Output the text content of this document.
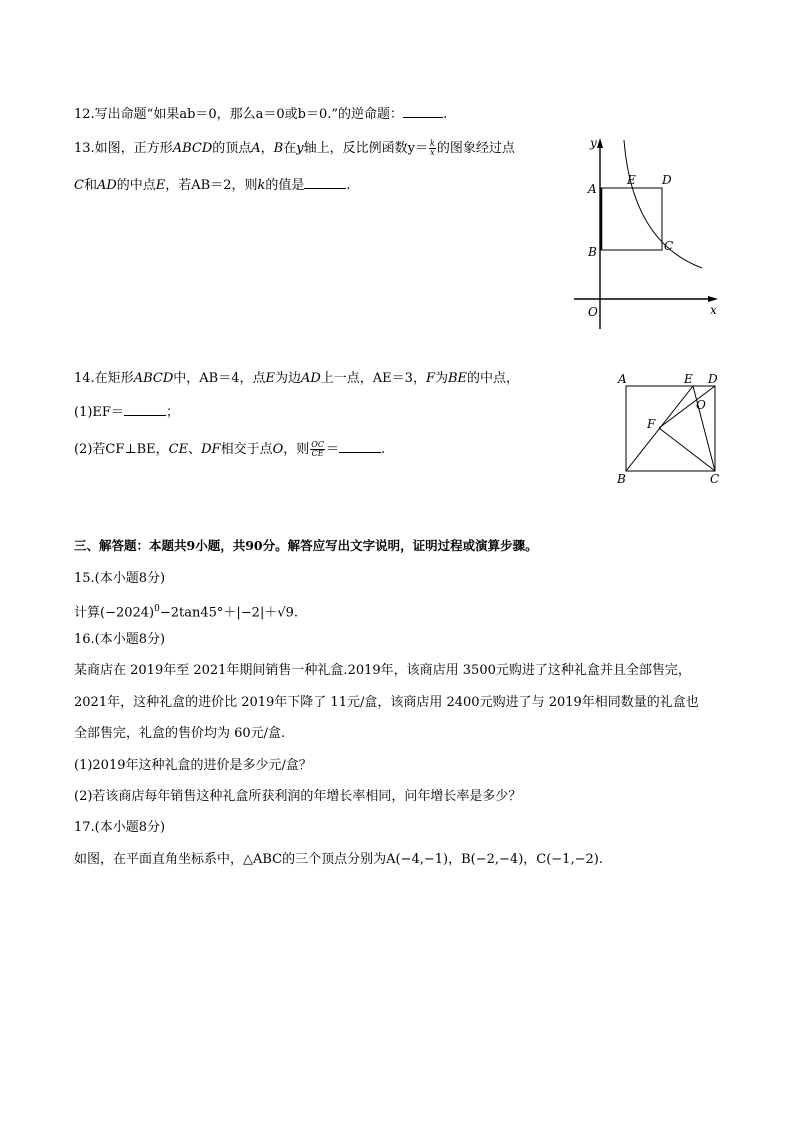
12.写出命题“如果ab＝0，那么a＝0或b＝0.”的逆命题：	.
13.如图，正方形ABCD的顶点A，B在y轴上，反比例函数$y= \frac{k}{x}$ 的图象经过点
C和AD的中点E，若AB＝2，则k的值是	.
y
A
E D
B	C
O	x
14.在矩形ABCD中，AB＝4，点E为边AD上一点，AE＝3，F为BE的中点，
(1)EF＝	；
(2)若CF⊥BE，CE、DF相交于点O，则 $\frac{OC}{CE}$ ＝	.
A	E D
O
F
B	C
三、解答题：本题共9小题，共90分。解答应写出文字说明，证明过程或演算步骤。
15.(本小题8分)
计算$(-2024)^0-2\tan 45^\circ+|-2|+√9$.
16.(本小题8分)
某商店在 2019年至 2021年期间销售一种礼盒.2019年，该商店用 3500元购进了这种礼盒并且全部售完，
2021年，这种礼盒的进价比 2019年下降了 11元/盒，该商店用 2400元购进了与 2019年相同数量的礼盒也
全部售完，礼盒的售价均为 60元/盒.
(1)2019年这种礼盒的进价是多少元/盒？
(2)若该商店每年销售这种礼盒所获利润的年增长率相同，问年增长率是多少？
17.(本小题8分)
如图，在平面直角坐标系中，△ABC的三个顶点分别为A(−4,−1)，B(−2,−4)，C(−1,−2).
